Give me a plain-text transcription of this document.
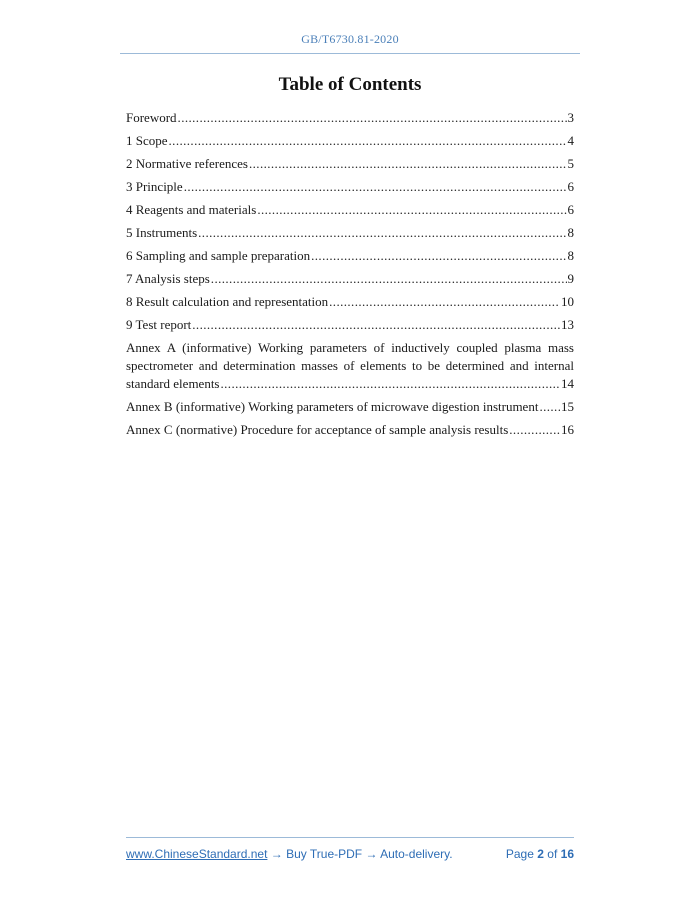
GB/T6730.81-2020
Table of Contents
Foreword .....	3
1 Scope .....	4
2 Normative references .....	5
3 Principle .....	6
4 Reagents and materials .....	6
5 Instruments .....	8
6 Sampling and sample preparation .....	8
7 Analysis steps .....	9
8 Result calculation and representation .....	10
9 Test report .....	13
Annex A (informative) Working parameters of inductively coupled plasma mass
spectrometer and determination masses of elements to be determined and internal
standard elements .....	14
Annex B (informative) Working parameters of microwave digestion instrument ..... 15
Annex C (normative) Procedure for acceptance of sample analysis results .....	16
www.ChineseStandard.net → Buy True-PDF → Auto-delivery.	Page 2 of 16
